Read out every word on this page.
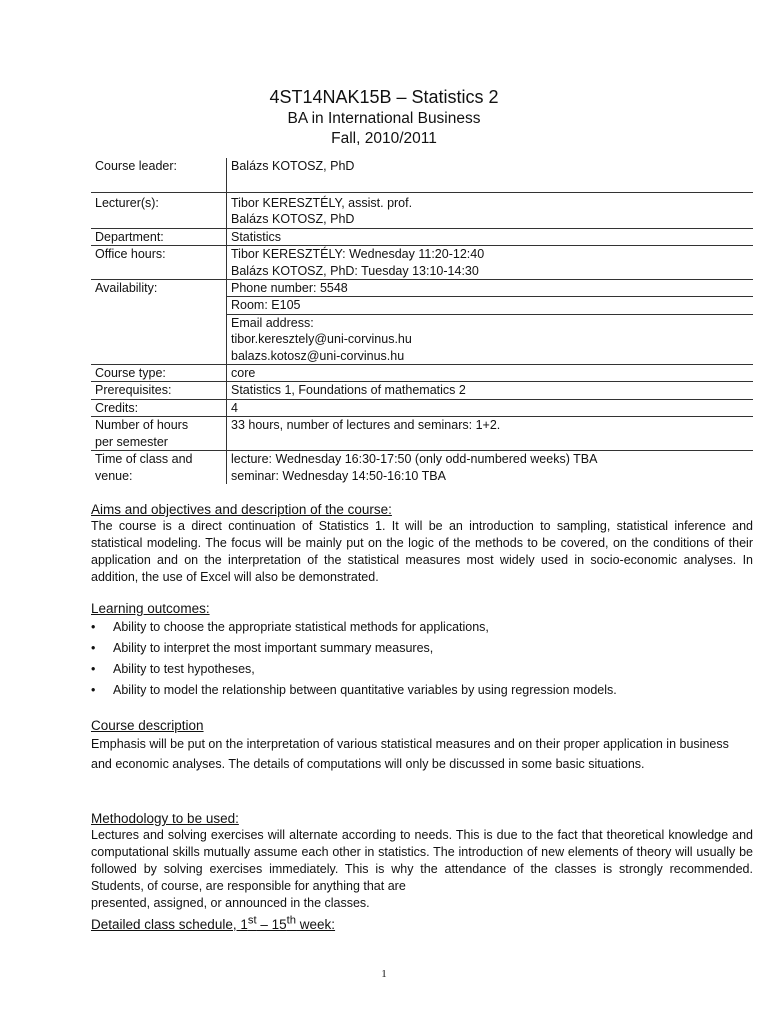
4ST14NAK15B – Statistics 2
BA in International Business
Fall, 2010/2011
Course leader:	Balázs KOTOSZ, PhD
Lecturer(s):	Tibor KERESZTÉLY, assist. prof.
Balázs KOTOSZ, PhD

Department:	Statistics
Office hours:	Tibor KERESZTÉLY: Wednesday 11:20-12:40
Balázs KOTOSZ, PhD: Tuesday 13:10-14:30

Availability:	Phone number: 5548
	Room: E105

	Email address:
tibor.keresztely@uni-corvinus.hu
balazs.kotosz@uni-corvinus.hu

Course type:	core
Prerequisites:	Statistics 1, Foundations of mathematics 2
Credits:	4

Number of hours
per semester	33 hours, number of lectures and seminars: 1+2.

Time of class and
venue:	lecture: Wednesday 16:30-17:50 (only odd-numbered weeks) TBA
seminar: Wednesday 14:50-16:10 TBA
Aims and objectives and description of the course:
The course is a direct continuation of Statistics 1. It will be an introduction to sampling, statistical inference and statistical modeling. The focus will be mainly put on the logic of the methods to be covered, on the conditions of their application and on the interpretation of the statistical measures most widely used in socio-economic analyses. In addition, the use of Excel will also be demonstrated.
Learning outcomes:
• Ability to choose the appropriate statistical methods for applications,
• Ability to interpret the most important summary measures,
• Ability to test hypotheses,
• Ability to model the relationship between quantitative variables by using regression models.
Course description
Emphasis will be put on the interpretation of various statistical measures and on their proper application in business and economic analyses. The details of computations will only be discussed in some basic situations.
Methodology to be used:
Lectures and solving exercises will alternate according to needs. This is due to the fact that theoretical knowledge and computational skills mutually assume each other in statistics. The introduction of new elements of theory will usually be followed by solving exercises immediately. This is why the attendance of the classes is strongly recommended. Students, of course, are responsible for anything that are
presented, assigned, or announced in the classes.
Detailed class schedule, 1st – 15th week:
1
